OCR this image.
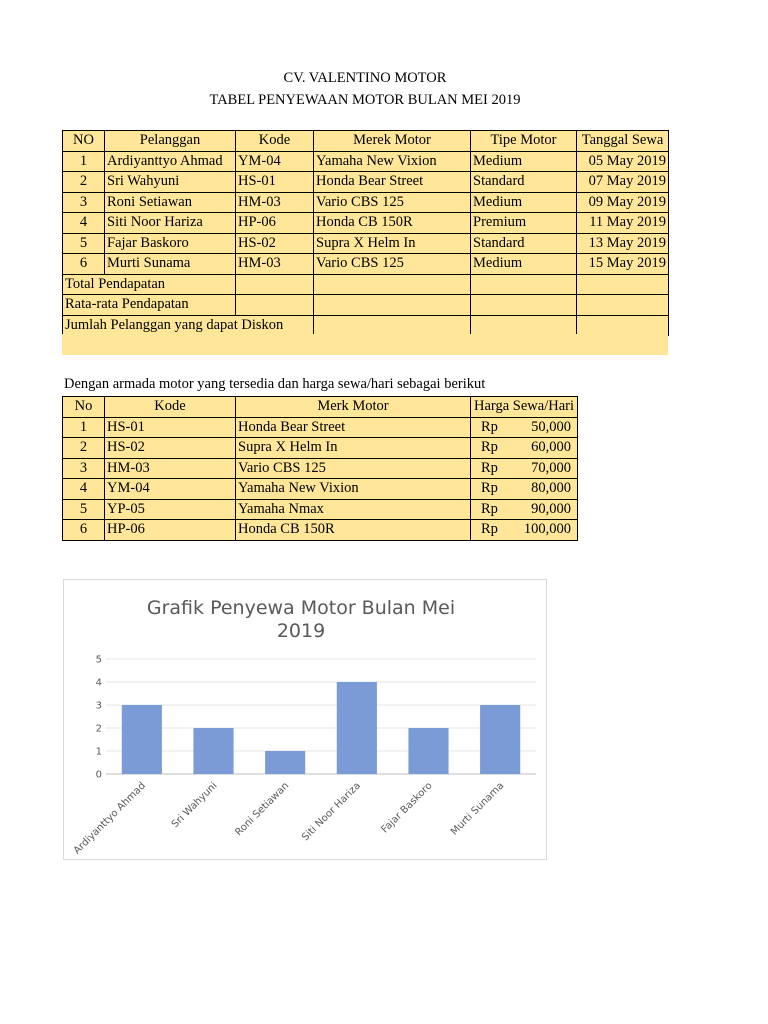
CV. VALENTINO MOTOR
TABEL PENYEWAAN MOTOR BULAN MEI 2019
NO	Pelanggan	Kode	Merek Motor	Tipe Motor	Tanggal Sewa
1	Ardiyanttyo Ahmad	YM-04	Yamaha New Vixion	Medium	05 May 2019
2	Sri Wahyuni	HS-01	Honda Bear Street	Standard	07 May 2019
3	Roni Setiawan	HM-03	Vario CBS 125	Medium	09 May 2019
4	Siti Noor Hariza	HP-06	Honda CB 150R	Premium	11 May 2019
5	Fajar Baskoro	HS-02	Supra X Helm In	Standard	13 May 2019
6	Murti Sunama	HM-03	Vario CBS 125	Medium	15 May 2019
Total Pendapatan					
Rata-rata Pendapatan					
Jumlah Pelanggan yang dapat Diskon					
Dengan armada motor yang tersedia dan harga sewa/hari sebagai berikut
No	Kode	Merk Motor	Harga Sewa/Hari
1	HS-01	Honda Bear Street	Rp 50,000

2	HS-02	Supra X Helm In	Rp 60,000

3	HM-03	Vario CBS 125	Rp 70,000

4	YM-04	Yamaha New Vixion	Rp 80,000

5	YP-05	Yamaha Nmax	Rp 90,000

6	HP-06	Honda CB 150R	Rp 100,000
Grafik Penyewa Motor Bulan Mei
2019
0
1
2
3
4
5
Ardiyanttyo Ahmad Sri Wahyuni Roni Setiawan Siti Noor Hariza Fajar Baskoro Murti Sunama
